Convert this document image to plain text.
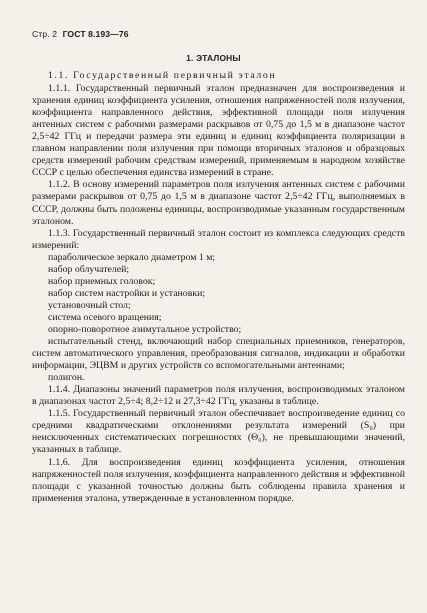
Стр. 2 ГОСТ 8.193—76
1. ЭТАЛОНЫ

1.1. Государственный первичный эталон

1.1.1. Государственный первичный эталон предназначен для воспроизведения и хранения единиц коэффициента усиления, отношения напряженностей поля излучения, коэффициента направленного действия, эффективной площади поля излучения антенных систем с рабочими размерами раскрывов от 0,75 до 1,5 м в диапазоне частот 2,5÷42 ГГц и передачи размера эти единиц и единиц коэффициента поляризации в главном направлении поля излучения при помощи вторичных эталонов и образцовых средств измерений рабочим средствам измерений, применяемым в народном хозяйстве СССР с целью обеспечения единства измерений в стране.

1.1.2. В основу измерений параметров поля излучения антенных систем с рабочими размерами раскрывов от 0,75 до 1,5 м в диапазоне частот 2,5÷42 ГГц, выполняемых в СССР, должны быть положены единицы, воспроизводимые указанным государственным эталоном.

1.1.3. Государственный первичный эталон состоит из комплекса следующих средств измерений:

параболическое зеркало диаметром 1 м;
набор облучателей;
набор приемных головок;
набор систем настройки и установки;
установочный стол;
система осевого вращения;
опорно-поворотное азимутальное устройство;
испытательный стенд, включающий набор специальных приемников, генераторов, систем автоматического управления, преобразования сигналов, индикации и обработки информации, ЭЦВМ и других устройств со вспомогательными антеннами;
полигон.

1.1.4. Диапазоны значений параметров поля излучения, воспроизводимых эталоном в диапазонах частот 2,5÷4; 8,2÷12 и 27,3÷42 ГГц, указаны в таблице.

1.1.5. Государственный первичный эталон обеспечивает воспроизведение единиц со средними квадратическими отклонениями результата измерений (S₀) при неисключенных систематических погрешностях (Θ₀), не превышающими значений, указанных в таблице.

1.1.6. Для воспроизведения единиц коэффициента усиления, отношения напряженностей поля излучения, коэффициента направленного действия и эффективной площади с указанной точностью должны быть соблюдены правила хранения и применения эталона, утвержденные в установленном порядке.
